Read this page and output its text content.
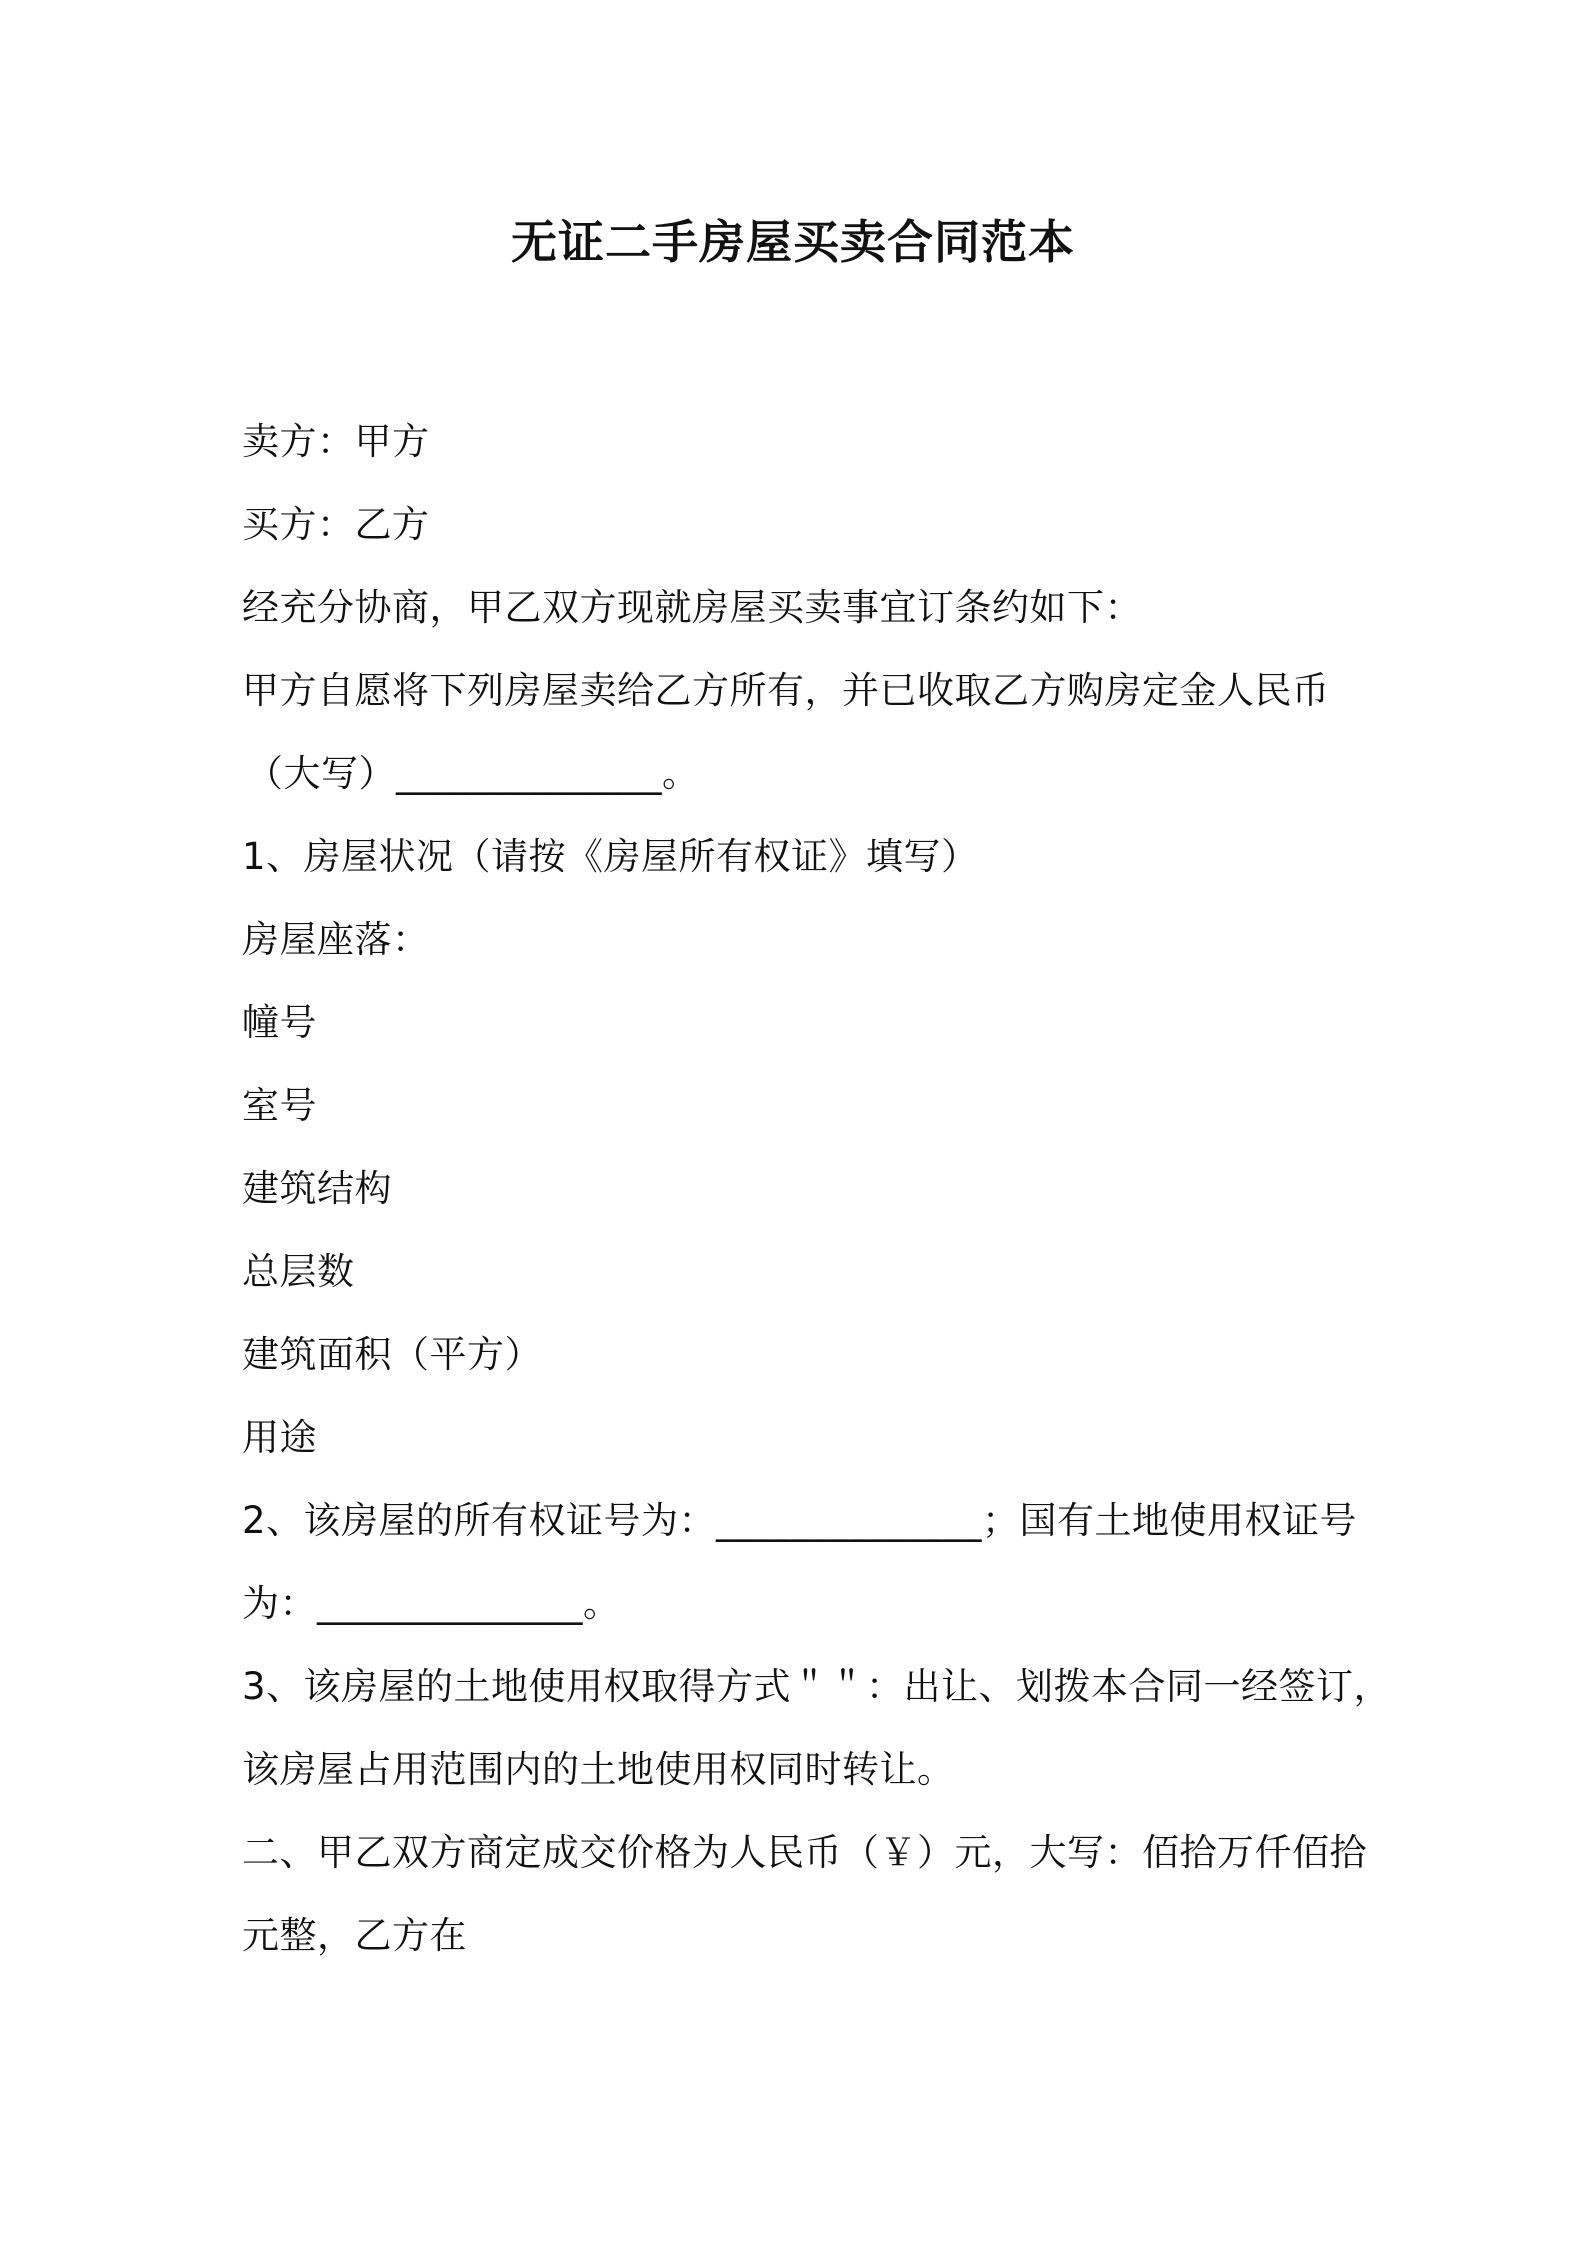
无证二手房屋买卖合同范本
卖方：甲方
买方：乙方
经充分协商，甲乙双方现就房屋买卖事宜订条约如下：
甲方自愿将下列房屋卖给乙方所有，并已收取乙方购房定金人民币
（大写）______________。
1、房屋状况（请按《房屋所有权证》填写）
房屋座落：
幢号
室号
建筑结构
总层数
建筑面积（平方）
用途
2、该房屋的所有权证号为：______________；国有土地使用权证号
为：______________。
3、该房屋的土地使用权取得方式＂＂：出让、划拨本合同一经签订，
该房屋占用范围内的土地使用权同时转让。
二、甲乙双方商定成交价格为人民币（￥）元，大写：佰拾万仟佰拾
元整，乙方在
